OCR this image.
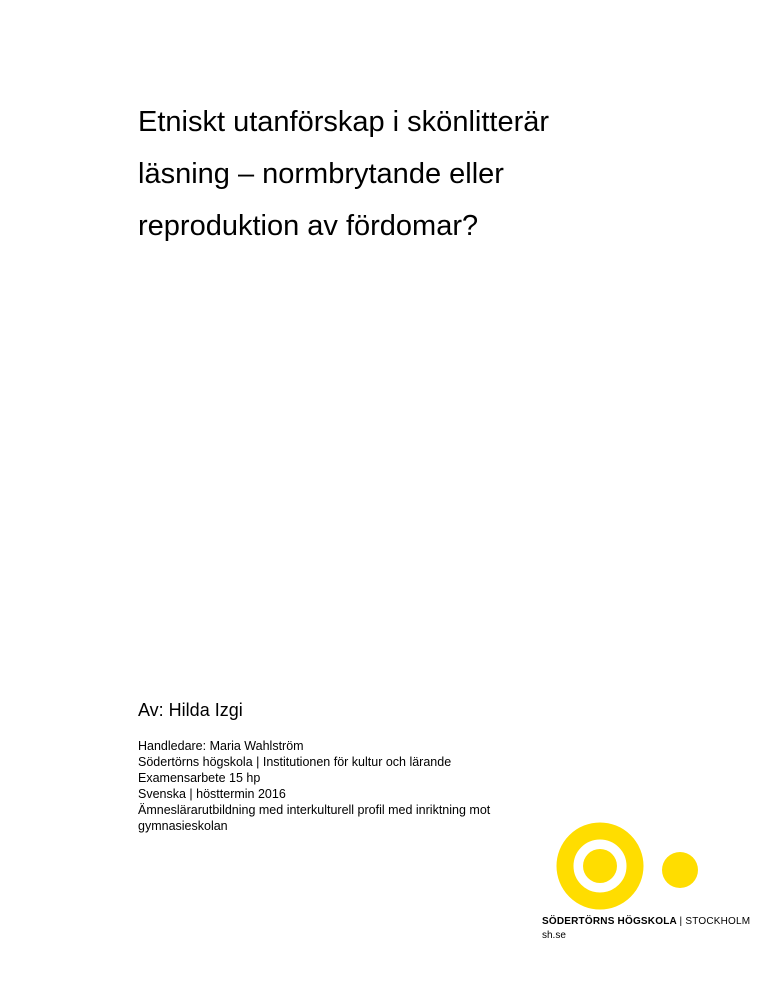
Etniskt utanförskap i skönlitterär
läsning – normbrytande eller
reproduktion av fördomar?
Av: Hilda Izgi
Handledare: Maria Wahlström
Södertörns högskola | Institutionen för kultur och lärande
Examensarbete 15 hp
Svenska | hösttermin 2016
Ämneslärarutbildning med interkulturell profil med inriktning mot
gymnasieskolan
SÖDERTÖRNS HÖGSKOLA | STOCKHOLM
sh.se
